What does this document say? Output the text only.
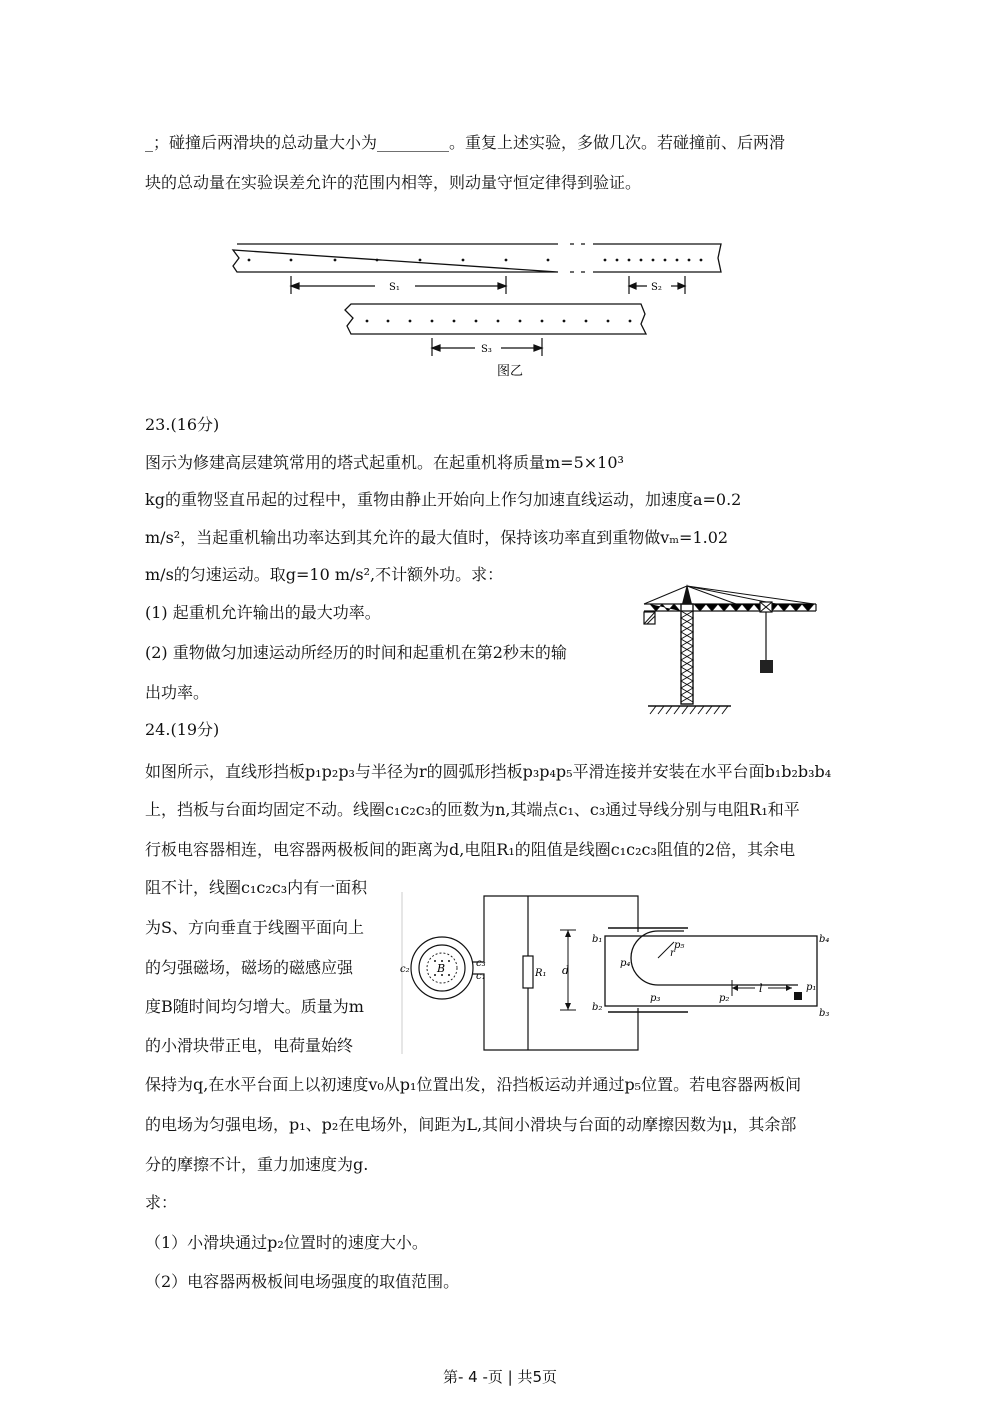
_；碰撞后两滑块的总动量大小为_________。重复上述实验，多做几次。若碰撞前、后两滑
块的总动量在实验误差允许的范围内相等，则动量守恒定律得到验证。
S₁	S₂
S₃
图乙
23.(16分)
图示为修建高层建筑常用的塔式起重机。在起重机将质量m=5×10³
kg的重物竖直吊起的过程中，重物由静止开始向上作匀加速直线运动，加速度a=0.2
m/s²，当起重机输出功率达到其允许的最大值时，保持该功率直到重物做vₘ=1.02
m/s的匀速运动。取g=10 m/s²,不计额外功。求：
(1) 起重机允许输出的最大功率。
(2) 重物做匀加速运动所经历的时间和起重机在第2秒末的输
出功率。
24.(19分)
如图所示，直线形挡板p₁p₂p₃与半径为r的圆弧形挡板p₃p₄p₅平滑连接并安装在水平台面b₁b₂b₃b₄
上，挡板与台面均固定不动。线圈c₁c₂c₃的匝数为n,其端点c₁、c₃通过导线分别与电阻R₁和平
行板电容器相连，电容器两极板间的距离为d,电阻R₁的阻值是线圈c₁c₂c₃阻值的2倍，其余电
阻不计，线圈c₁c₂c₃内有一面积
为S、方向垂直于线圈平面向上
的匀强磁场，磁场的磁感应强
度B随时间均匀增大。质量为m
的小滑块带正电，电荷量始终
B
c₂
c₃
c₁	R₁ d
b₁
b₂
b₃
b₄
r
p₄
p₅
p₃	p₂
p₁
l
保持为q,在水平台面上以初速度v₀从p₁位置出发，沿挡板运动并通过p₅位置。若电容器两板间
的电场为匀强电场，p₁、p₂在电场外，间距为L,其间小滑块与台面的动摩擦因数为μ，其余部
分的摩擦不计，重力加速度为g.
求：
（1）小滑块通过p₂位置时的速度大小。
（2）电容器两极板间电场强度的取值范围。
第- 4 -页 | 共5页
